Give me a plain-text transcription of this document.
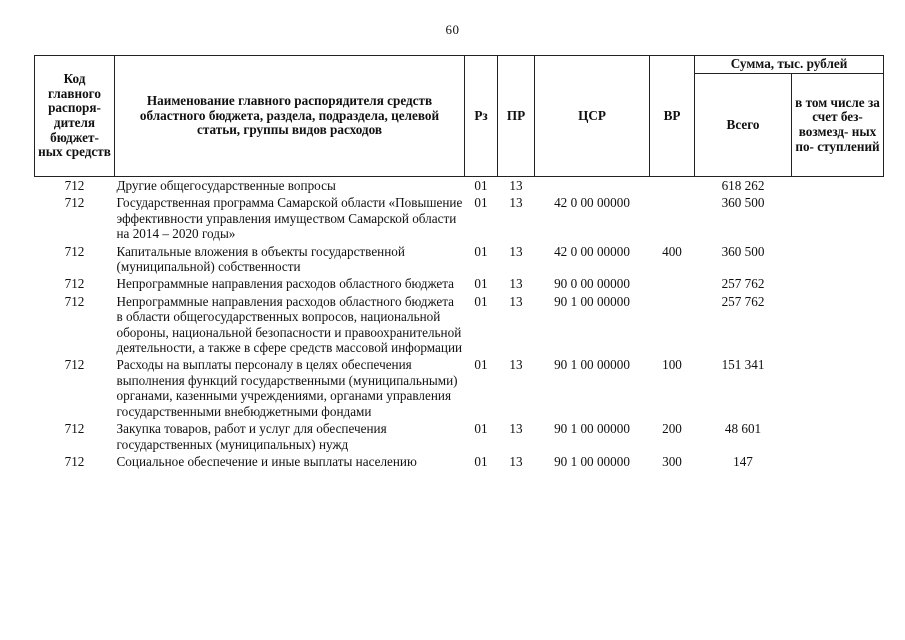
60
Код главного распоря- дителя бюджет- ных средств	Наименование главного распорядителя средств областного бюджета, раздела, подраздела, целевой статьи, группы видов расходов	Рз	ПР	ЦСР	ВР	Сумма, тыс. рублей	
						Всего	в том числе за счет без- возмезд- ных по- ступлений
712	Другие общегосударственные вопросы	01	13			618 262	
712	Государственная программа Самарской области «Повышение эффективности управления имуществом Самарской области на 2014 – 2020 годы»	01	13	42 0 00 00000		360 500	
712	Капитальные вложения в объекты государственной (муниципальной) собственности	01	13	42 0 00 00000	400	360 500	
712	Непрограммные направления расходов областного бюджета	01	13	90 0 00 00000		257 762	
712	Непрограммные направления расходов областного бюджета в области общегосударственных вопросов, национальной обороны, национальной безопасности и правоохранительной деятельности, а также в сфере средств массовой информации	01	13	90 1 00 00000		257 762	
712	Расходы на выплаты персоналу в целях обеспечения выполнения функций государственными (муниципальными) органами, казенными учреждениями, органами управления государственными внебюджетными фондами	01	13	90 1 00 00000	100	151 341	
712	Закупка товаров, работ и услуг для обеспечения государственных (муниципальных) нужд	01	13	90 1 00 00000	200	48 601	
712	Социальное обеспечение и иные выплаты населению	01	13	90 1 00 00000	300	147	
